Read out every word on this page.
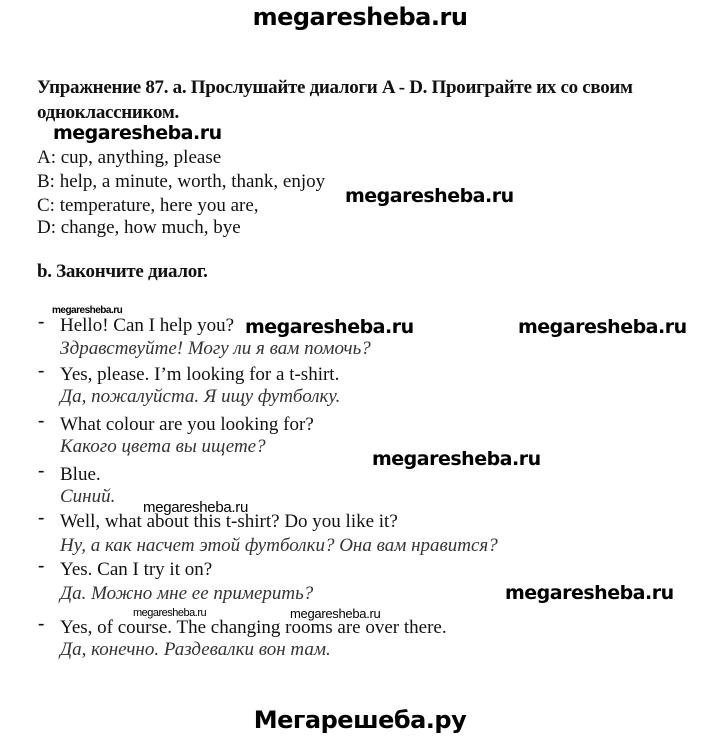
megaresheba.ru
Упражнение 87. a. Прослушайте диалоги A - D. Проиграйте их со своим
одноклассником.
megaresheba.ru
A: cup, anything, please
B: help, a minute, worth, thank, enjoy
C: temperature, here you are,
D: change, how much, bye
megaresheba.ru
b. Закончите диалог.
megaresheba.ru
- Hello! Can I help you?
Здравствуйте! Могу ли я вам помочь?
- Yes, please. I’m looking for a t-shirt.
Да, пожалуйста. Я ищу футболку.
- What colour are you looking for?
Какого цвета вы ищете?
- Blue.
Синий.
- Well, what about this t-shirt? Do you like it?
Ну, а как насчет этой футболки? Она вам нравится?
- Yes. Can I try it on?
Да. Можно мне ее примерить?
- Yes, of course. The changing rooms are over there.
Да, конечно. Раздевалки вон там.
megaresheba.ru	megaresheba.ru
megaresheba.ru
megaresheba.ru
megaresheba.ru
megaresheba.ru	megaresheba.ru
Мегарешеба.ру
